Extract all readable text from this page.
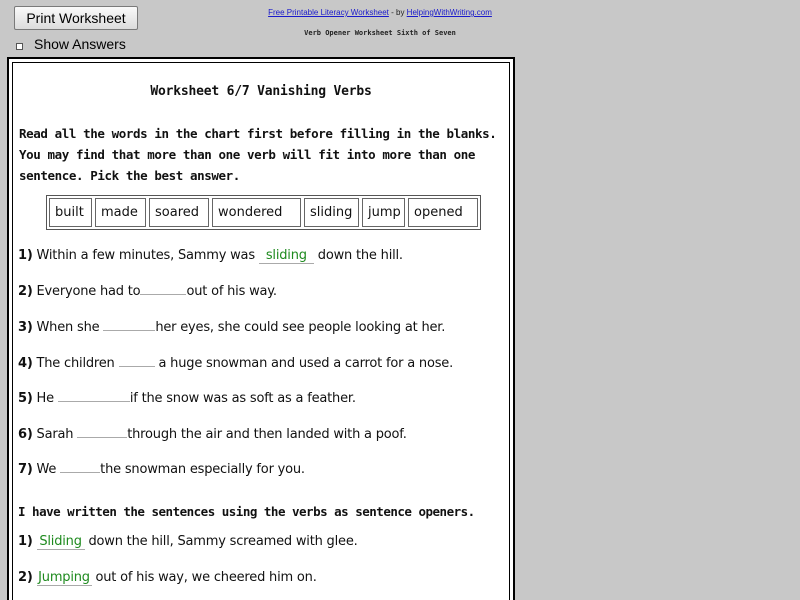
Print Worksheet
Show Answers
Free Printable Literacy Worksheet - by HelpingWithWriting.com
Verb Opener Worksheet Sixth of Seven
Worksheet 6/7 Vanishing Verbs

Read all the words in the chart first before filling in the blanks. You may find that more than one verb will fit into more than one sentence. Pick the best answer.

built	made	soared	wondered	sliding	jump	opened
1) Within a few minutes, Sammy was sliding down the hill.
2) Everyone had to	out of his way.
3) When she	her eyes, she could see people looking at her.
4) The children	a huge snowman and used a carrot for a nose.
5) He	if the snow was as soft as a feather.
6) Sarah	through the air and then landed with a poof.
7) We	the snowman especially for you.
I have written the sentences using the verbs as sentence openers.
1) Sliding down the hill, Sammy screamed with glee.
2) Jumping out of his way, we cheered him on.
